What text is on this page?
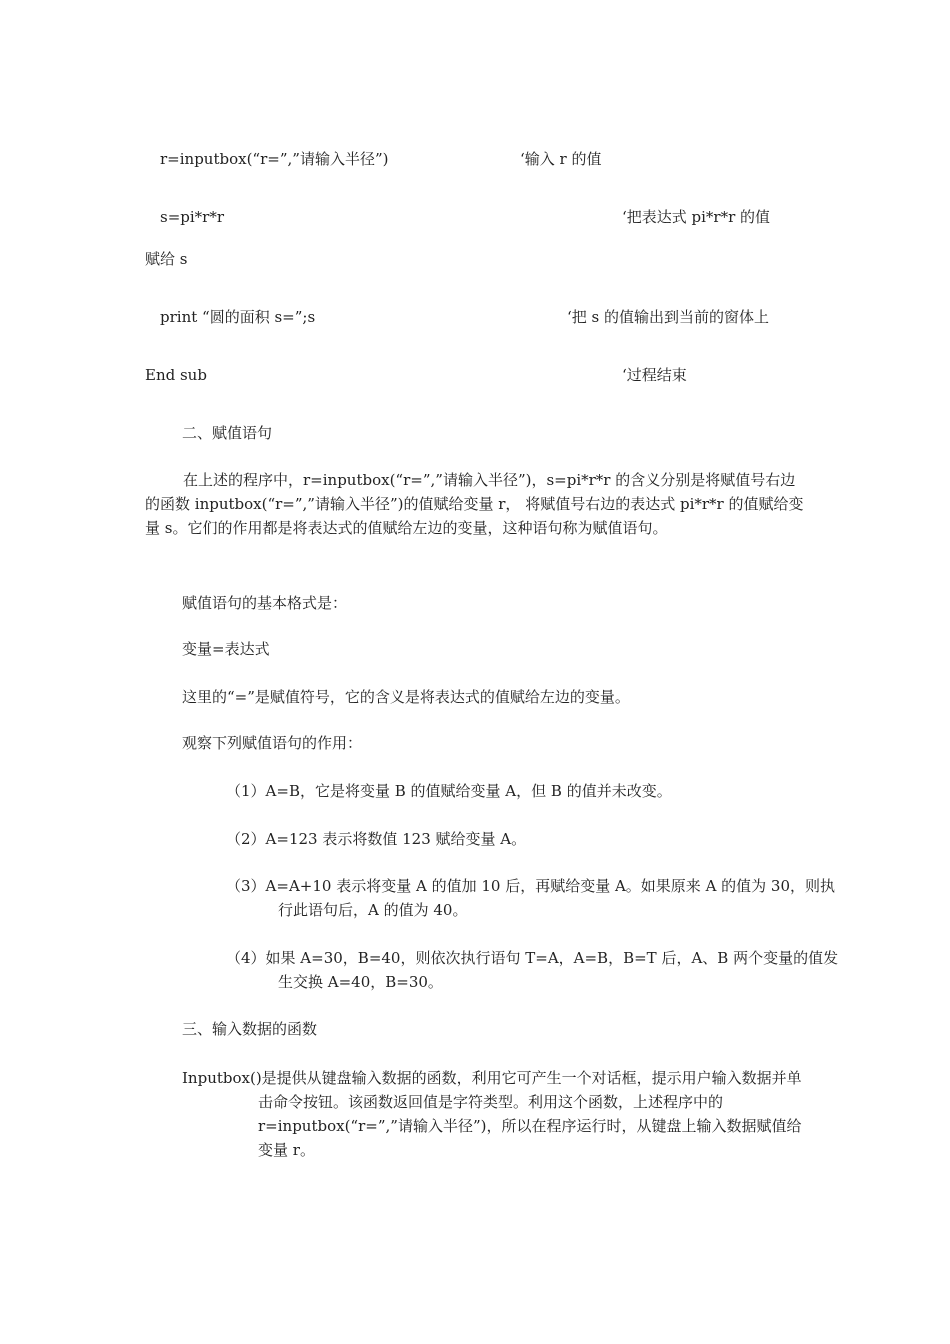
r=inputbox(“r=”,”请输入半径”)	‘输入 r 的值
s=pi*r*r	‘把表达式 pi*r*r 的值
赋给 s
print “圆的面积 s=”;s	‘把 s 的值输出到当前的窗体上
End sub	‘过程结束
二、赋值语句
在上述的程序中，r=inputbox(“r=”,”请输入半径”)，s=pi*r*r 的含义分别是将赋值号右边的函数 inputbox(“r=”,”请输入半径”)的值赋给变量 r， 将赋值号右边的表达式 pi*r*r 的值赋给变量 s。它们的作用都是将表达式的值赋给左边的变量，这种语句称为赋值语句。
赋值语句的基本格式是：
变量=表达式
这里的“=”是赋值符号，它的含义是将表达式的值赋给左边的变量。
观察下列赋值语句的作用：
（1）A=B，它是将变量 B 的值赋给变量 A，但 B 的值并未改变。
（2）A=123 表示将数值 123 赋给变量 A。
（3）A=A+10 表示将变量 A 的值加 10 后，再赋给变量 A。如果原来 A 的值为 30，则执行此语句后，A 的值为 40。
（4）如果 A=30，B=40，则依次执行语句 T=A，A=B，B=T 后，A、B 两个变量的值发生交换 A=40，B=30。
三、输入数据的函数
Inputbox()是提供从键盘输入数据的函数，利用它可产生一个对话框，提示用户输入数据并单击命令按钮。该函数返回值是字符类型。利用这个函数，上述程序中的 r=inputbox(“r=”,”请输入半径”)，所以在程序运行时，从键盘上输入数据赋值给变量 r。
